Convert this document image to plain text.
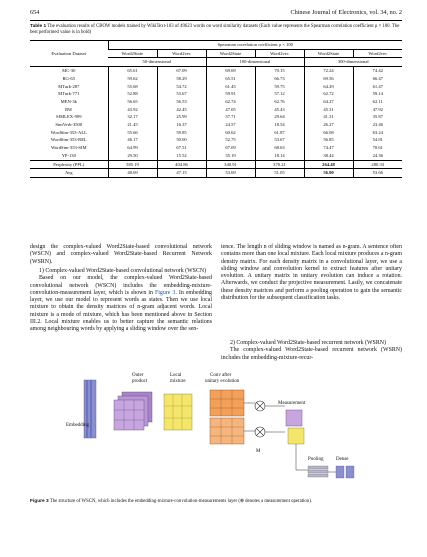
654	Chinese Journal of Electronics, vol. 34, no. 2
Table 1 The evaluation results of CBOW models trained by WikiText-103 of 49623 words on word similarity datasets (Each value represents the Spearman correlation coefficient ρ × 100. The best performed value is in bold)
Evaluation Dataset	Spearman correlation coefficient ρ × 100					
	Word2State	Word2vec	Word2State	Word2vec	Word2State	Word2vec
	50-dimensional		100-dimensional		300-dimensional	
MC-30	65.61	67.09	69.69	70.15	72.24	74.42
RG-65	59.62	58.29	65.51	66.73	69.56	66.47
MTurk-287	55.68	54.72	61.45	59.75	64.29	61.47
MTurk-771	52.88	53.67	59.91	57.12	62.72	59.14
MEN-3k	56.65	56.53	62.74	62.76	64.27	62.11
RW	43.92	42.45	47.05	45.43	45.31	47.92
SIMLEX-999	32.17	25.99	37.71	29.64	41.31	35.87
SimVerb-3500	21.45	16.37	24.57	18.54	26.27	23.46
WordSim-353-ALL	55.66	59.85	60.62	61.87	66.08	63.24
WordSim-353-REL	46.17	50.00	52.75	53.67	56.85	54.81
WordSim-353-SIM	64.99	67.51	67.09	68.63	74.47	70.61
YP-130	29.50	15.52	35.19	18.14	38.44	24.36
Perplexity (PPL)	585.19	404.86	340.91	370.21	264.48	280.33
Avg	48.69	47.15	53.69	51.05	56.90	53.66

design the complex-valued Word2State-based convolutional network (WSCN) and complex-valued Word2State-based Recurrent Network (WSRN).

1) Complex-valued Word2State-based convolutional network (WSCN)

Based on our model, the complex-valued Word2State-based convolutional network (WSCN) includes the embedding-mixture-convolution-measurement layer, which is shown in Figure 3. In embedding layer, we use our model to represent words as states. Then we use local mixture to obtain the density matrices of n-gram adjacent words. Local mixture is a mode of mixture, which has been mentioned above in Section III.2. Local mixture enables us to better capture the semantic relations among neighbouring words by applying a sliding window over the sen-

tence. The length n of sliding window is named as n-gram. A sentence often contains more than one local mixture. Each local mixture produces a n-gram density matrix. For each density matrix in a convolutional layer, we use a sliding window and convolution kernel to extract features after unitary evolution. A unitary matrix in unitary evolution can induce a rotation. Afterwards, we conduct the projective measurement. Lastly, we concatenate these density matrices and perform a pooling operation to gain the semantic distribution for the subsequent classification tasks.

2) Complex-valued Word2State-based recurrent network (WSRN)

The complex-valued Word2State-based recurrent network (WSRN) includes the embedding-mixture-recur-

Embedding
Outer product
Local mixture
Conv after unitary evolution
M
Measurement
Pooling Dense
Figure 3 The structure of WSCN, which includes the embedding-mixture-convolution-measurements layer (⊗ denotes a measurement operation).
